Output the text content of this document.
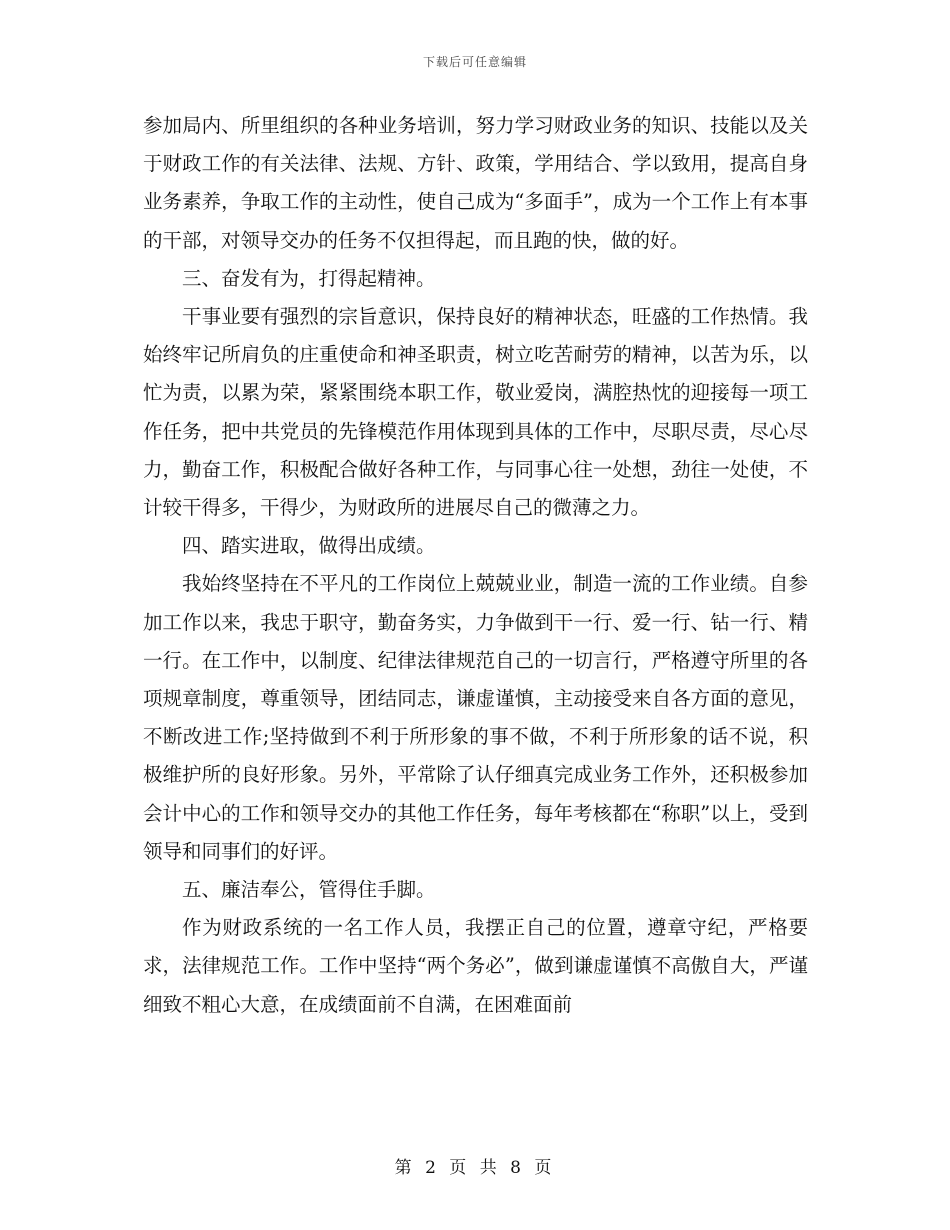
下载后可任意编辑

参加局内、所里组织的各种业务培训，努力学习财政业务的知识、技能以及关于财政工作的有关法律、法规、方针、政策，学用结合、学以致用，提高自身业务素养，争取工作的主动性，使自己成为“多面手”，成为一个工作上有本事的干部，对领导交办的任务不仅担得起，而且跑的快，做的好。

三、奋发有为，打得起精神。

干事业要有强烈的宗旨意识，保持良好的精神状态，旺盛的工作热情。我始终牢记所肩负的庄重使命和神圣职责，树立吃苦耐劳的精神，以苦为乐，以忙为责，以累为荣，紧紧围绕本职工作，敬业爱岗，满腔热忱的迎接每一项工作任务，把中共党员的先锋模范作用体现到具体的工作中，尽职尽责，尽心尽力，勤奋工作，积极配合做好各种工作，与同事心往一处想，劲往一处使，不计较干得多，干得少，为财政所的进展尽自己的微薄之力。

四、踏实进取，做得出成绩。

我始终坚持在不平凡的工作岗位上兢兢业业，制造一流的工作业绩。自参加工作以来，我忠于职守，勤奋务实，力争做到干一行、爱一行、钻一行、精一行。在工作中，以制度、纪律法律规范自己的一切言行，严格遵守所里的各项规章制度，尊重领导，团结同志，谦虚谨慎，主动接受来自各方面的意见，不断改进工作;坚持做到不利于所形象的事不做，不利于所形象的话不说，积极维护所的良好形象。另外，平常除了认仔细真完成业务工作外，还积极参加会计中心的工作和领导交办的其他工作任务，每年考核都在“称职”以上，受到领导和同事们的好评。

五、廉洁奉公，管得住手脚。

作为财政系统的一名工作人员，我摆正自己的位置，遵章守纪，严格要求，法律规范工作。工作中坚持“两个务必”，做到谦虚谨慎不高傲自大，严谨细致不粗心大意，在成绩面前不自满，在困难面前

第 2 页 共 8 页
